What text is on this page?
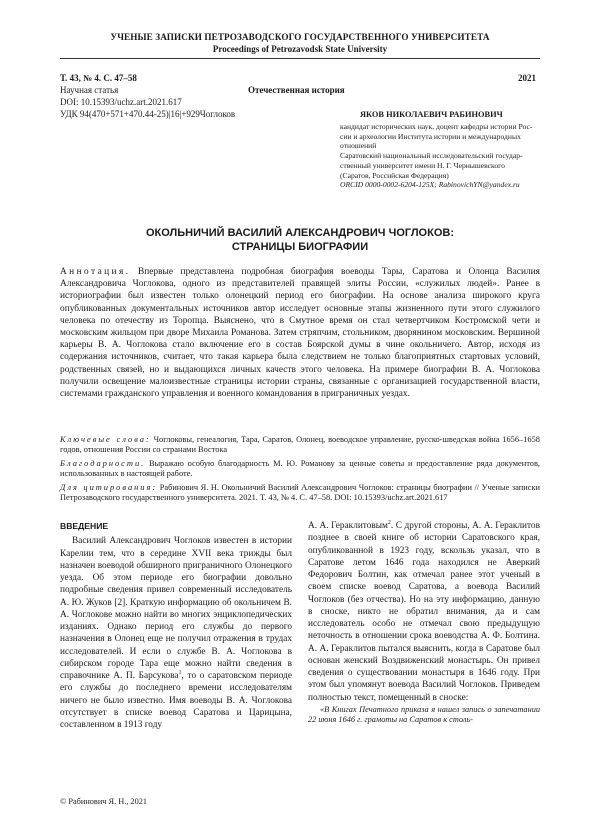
УЧЕНЫЕ ЗАПИСКИ ПЕТРОЗАВОДСКОГО ГОСУДАРСТВЕННОГО УНИВЕРСИТЕТА
Proceedings of Petrozavodsk State University
Т. 43, № 4. С. 47–58	2021
Научная статья	Отечественная история
DOI: 10.15393/uchz.art.2021.617
УДК 94(470+571+470.44-25)|16|+929Чоглоков	ЯКОВ НИКОЛАЕВИЧ РАБИНОВИЧ
кандидат исторических наук, доцент кафедры истории Рос-
сии и археологии Института истории и международных
отношений
Саратовский национальный исследовательский государ-
ственный университет имени Н. Г. Чернышевского
(Саратов, Российская Федерация)
ORCID 0000-0002-6204-125X; RabinovichYN@yandex.ru
ОКОЛЬНИЧИЙ ВАСИЛИЙ АЛЕКСАНДРОВИЧ ЧОГЛОКОВ:
СТРАНИЦЫ БИОГРАФИИ
Аннотация. Впервые представлена подробная биография воеводы Тары, Саратова и Олонца Василия Александровича Чоглокова, одного из представителей правящей элиты России, «служилых людей». Ранее в историографии был известен только олонецкий период его биографии. На основе анализа широкого круга опубликованных документальных источников автор исследует основные этапы жизненного пути этого служилого человека по отечеству из Торопца. Выяснено, что в Смутное время он стал четвертчиком Костромской чети и московским жильцом при дворе Михаила Романова. Затем стряпчим, стольником, дворянином московским. Вершиной карьеры В. А. Чоглокова стало включение его в состав Боярской думы в чине окольничего. Автор, исходя из содержания источников, считает, что такая карьера была следствием не только благоприятных стартовых условий, родственных связей, но и выдающихся личных качеств этого человека. На примере биографии В. А. Чоглокова получили освещение малоизвестные страницы истории страны, связанные с организацией государственной власти, системами гражданского управления и военного командования в приграничных уездах.
Ключевые слова: Чоглоковы, генеалогия, Тара, Саратов, Олонец, воеводское управление, русско-шведская война 1656–1658 годов, отношения России со странами Востока
Благодарности. Выражаю особую благодарность М. Ю. Романову за ценные советы и предоставление ряда документов, использованных в настоящей работе.
Для цитирования: Рабинович Я. Н. Окольничий Василий Александрович Чоглоков: страницы биографии // Ученые записки Петрозаводского государственного университета. 2021. Т. 43, № 4. С. 47–58. DOI: 10.15393/uchz.art.2021.617
ВВЕДЕНИЕ

Василий Александрович Чоглоков известен в истории Карелии тем, что в середине XVII века трижды был назначен воеводой обширного приграничного Олонецкого уезда. Об этом периоде его биографии довольно подробные сведения привел современный исследователь А. Ю. Жуков [2]. Краткую информацию об окольничем В. А. Чоглокове можно найти во многих энциклопедических изданиях. Однако период его службы до первого назначения в Олонец еще не получил отражения в трудах исследователей. И если о службе В. А. Чоглокова в сибирском городе Тара еще можно найти сведения в справочнике А. П. Барсукова$^1$, то о саратовском периоде его службы до последнего времени исследователям ничего не было известно. Имя воеводы В. А. Чоглокова отсутствует в списке воевод Саратова и Царицына, составленном в 1913 году

А. А. Гераклитовым$^2$. С другой стороны, А. А. Гераклитов позднее в своей книге об истории Саратовского края, опубликованной в 1923 году, вскользь указал, что в Саратове летом 1646 года находился не Аверкий Федорович Болтин, как отмечал ранее этот ученый в своем списке воевод Саратова, а воевода Василий Чоглоков (без отчества). Но на эту информацию, данную в сноске, никто не обратил внимания, да и сам исследователь особо не отмечал свою предыдущую неточность в отношении срока воеводства А. Ф. Болтина. А. А. Гераклитов пытался выяснить, когда в Саратове был основан женский Воздвиженский монастырь. Он привел сведения о существовании монастыря в 1646 году. При этом был упомянут воевода Василий Чоглоков. Приведем полностью текст, помещенный в сноске:

«В Книгах Печатного приказа я нашел запись о запечатании 22 июня 1646 г. грамоты на Саратов к столь-
© Рабинович Я. Н., 2021
